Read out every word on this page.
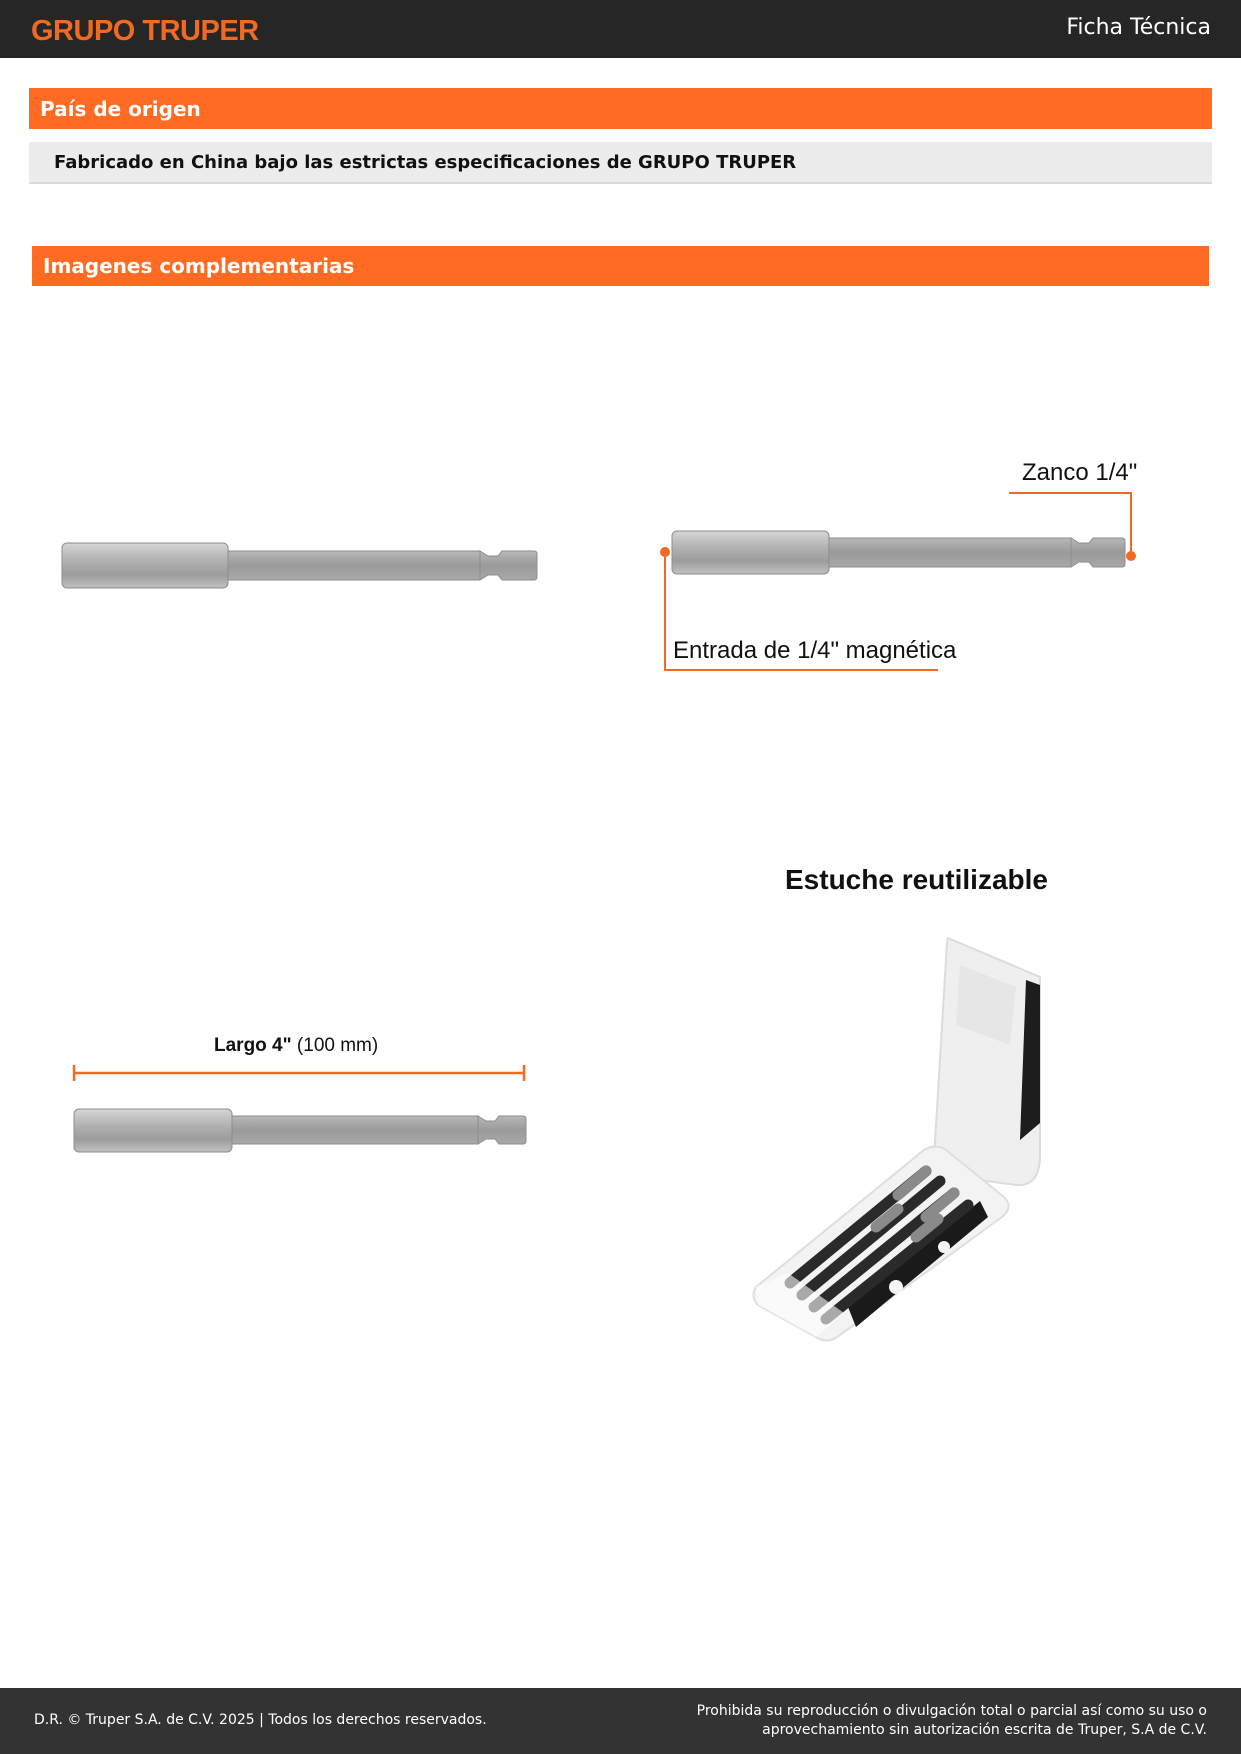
GRUPO TRUPER	Ficha Técnica
País de origen
Fabricado en China bajo las estrictas especificaciones de GRUPO TRUPER
Imagenes complementarias
Zanco 1/4"
Entrada de 1/4" magnética
Largo 4" (100 mm)
Estuche reutilizable
D.R. © Truper S.A. de C.V. 2025 | Todos los derechos reservados.
Prohibida su reproducción o divulgación total o parcial así como su uso o
aprovechamiento sin autorización escrita de Truper, S.A de C.V.
